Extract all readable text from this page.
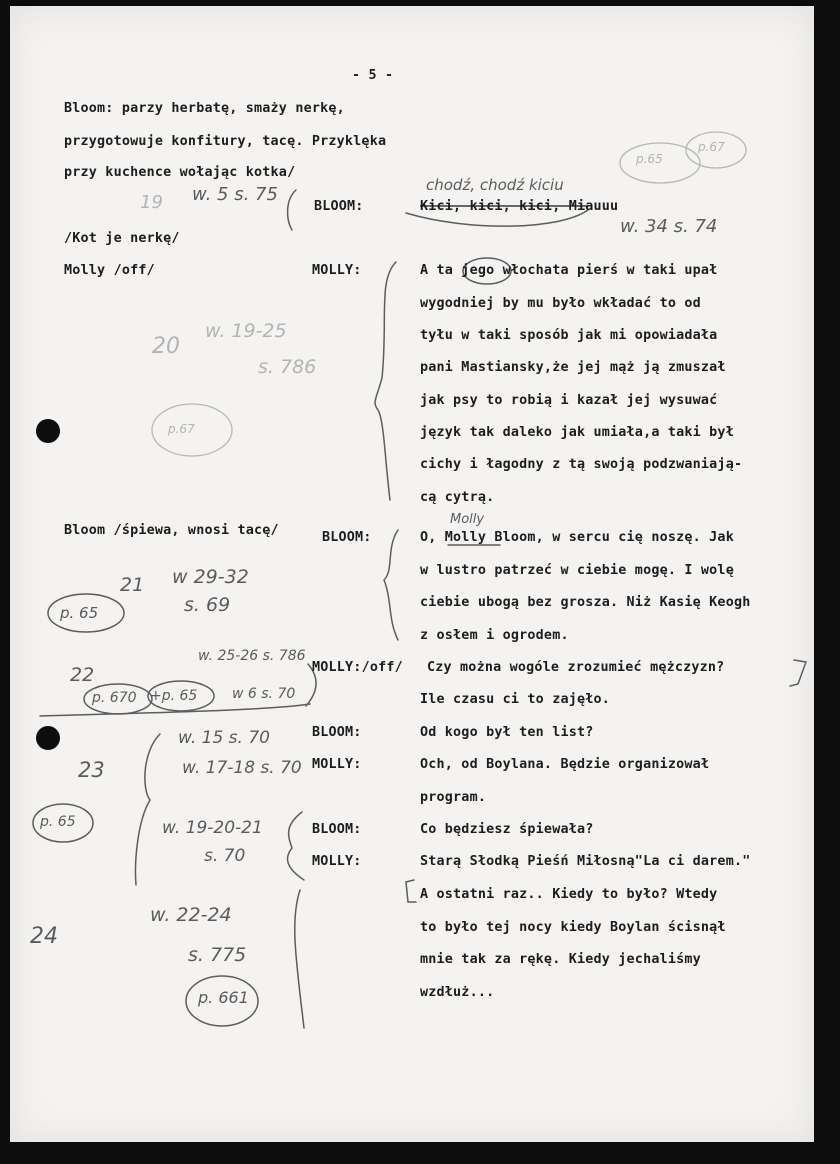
- 5 -

Bloom: parzy herbatę, smaży nerkę,

przygotowuje konfitury, tacę. Przyklęka

przy kuchence wołając kotka/

/Kot je nerkę/

Molly /off/

Bloom /śpiewa, wnosi tacę/

BLOOM:	Kici, kici, kici, Miauuu

MOLLY:	A ta jego włochata pierś w taki upał

wygodniej by mu było wkładać to od

tyłu w taki sposób jak mi opowiadała

pani Mastiansky,że jej mąż ją zmuszał

jak psy to robią i kazał jej wysuwać

język tak daleko jak umiała,a taki był

cichy i łagodny z tą swoją podzwaniają-

cą cytrą.

BLOOM:	O, Molly Bloom, w sercu cię noszę. Jak

w lustro patrzeć w ciebie mogę. I wolę

ciebie ubogą bez grosza. Niż Kasię Keogh

z osłem i ogrodem.

MOLLY:/off/ Czy można wogóle zrozumieć mężczyzn?

Ile czasu ci to zajęło.

BLOOM:	Od kogo był ten list?

MOLLY:	Och, od Boylana. Będzie organizował

program.

BLOOM:	Co będziesz śpiewała?

MOLLY:	Starą Słodką Pieśń Miłosną"La ci darem."

A ostatni raz.. Kiedy to było? Wtedy

to było tej nocy kiedy Boylan ścisnął

mnie tak za rękę. Kiedy jechaliśmy

wzdłuż...

19 w. 5 s. 75	chodź, chodź kiciu

w. 34 s. 74

p.65

p.67

p.67

20

w. 19-25

s. 786

Molly

21 w 29-32

s. 69

p. 65

22

w. 25-26 s. 786

p. 670 +p. 65 w 6 s. 70

23

w. 15 s. 70

w. 17-18 s. 70

p. 65	w. 19-20-21

s. 70

24

w. 22-24

s. 775

p. 661
